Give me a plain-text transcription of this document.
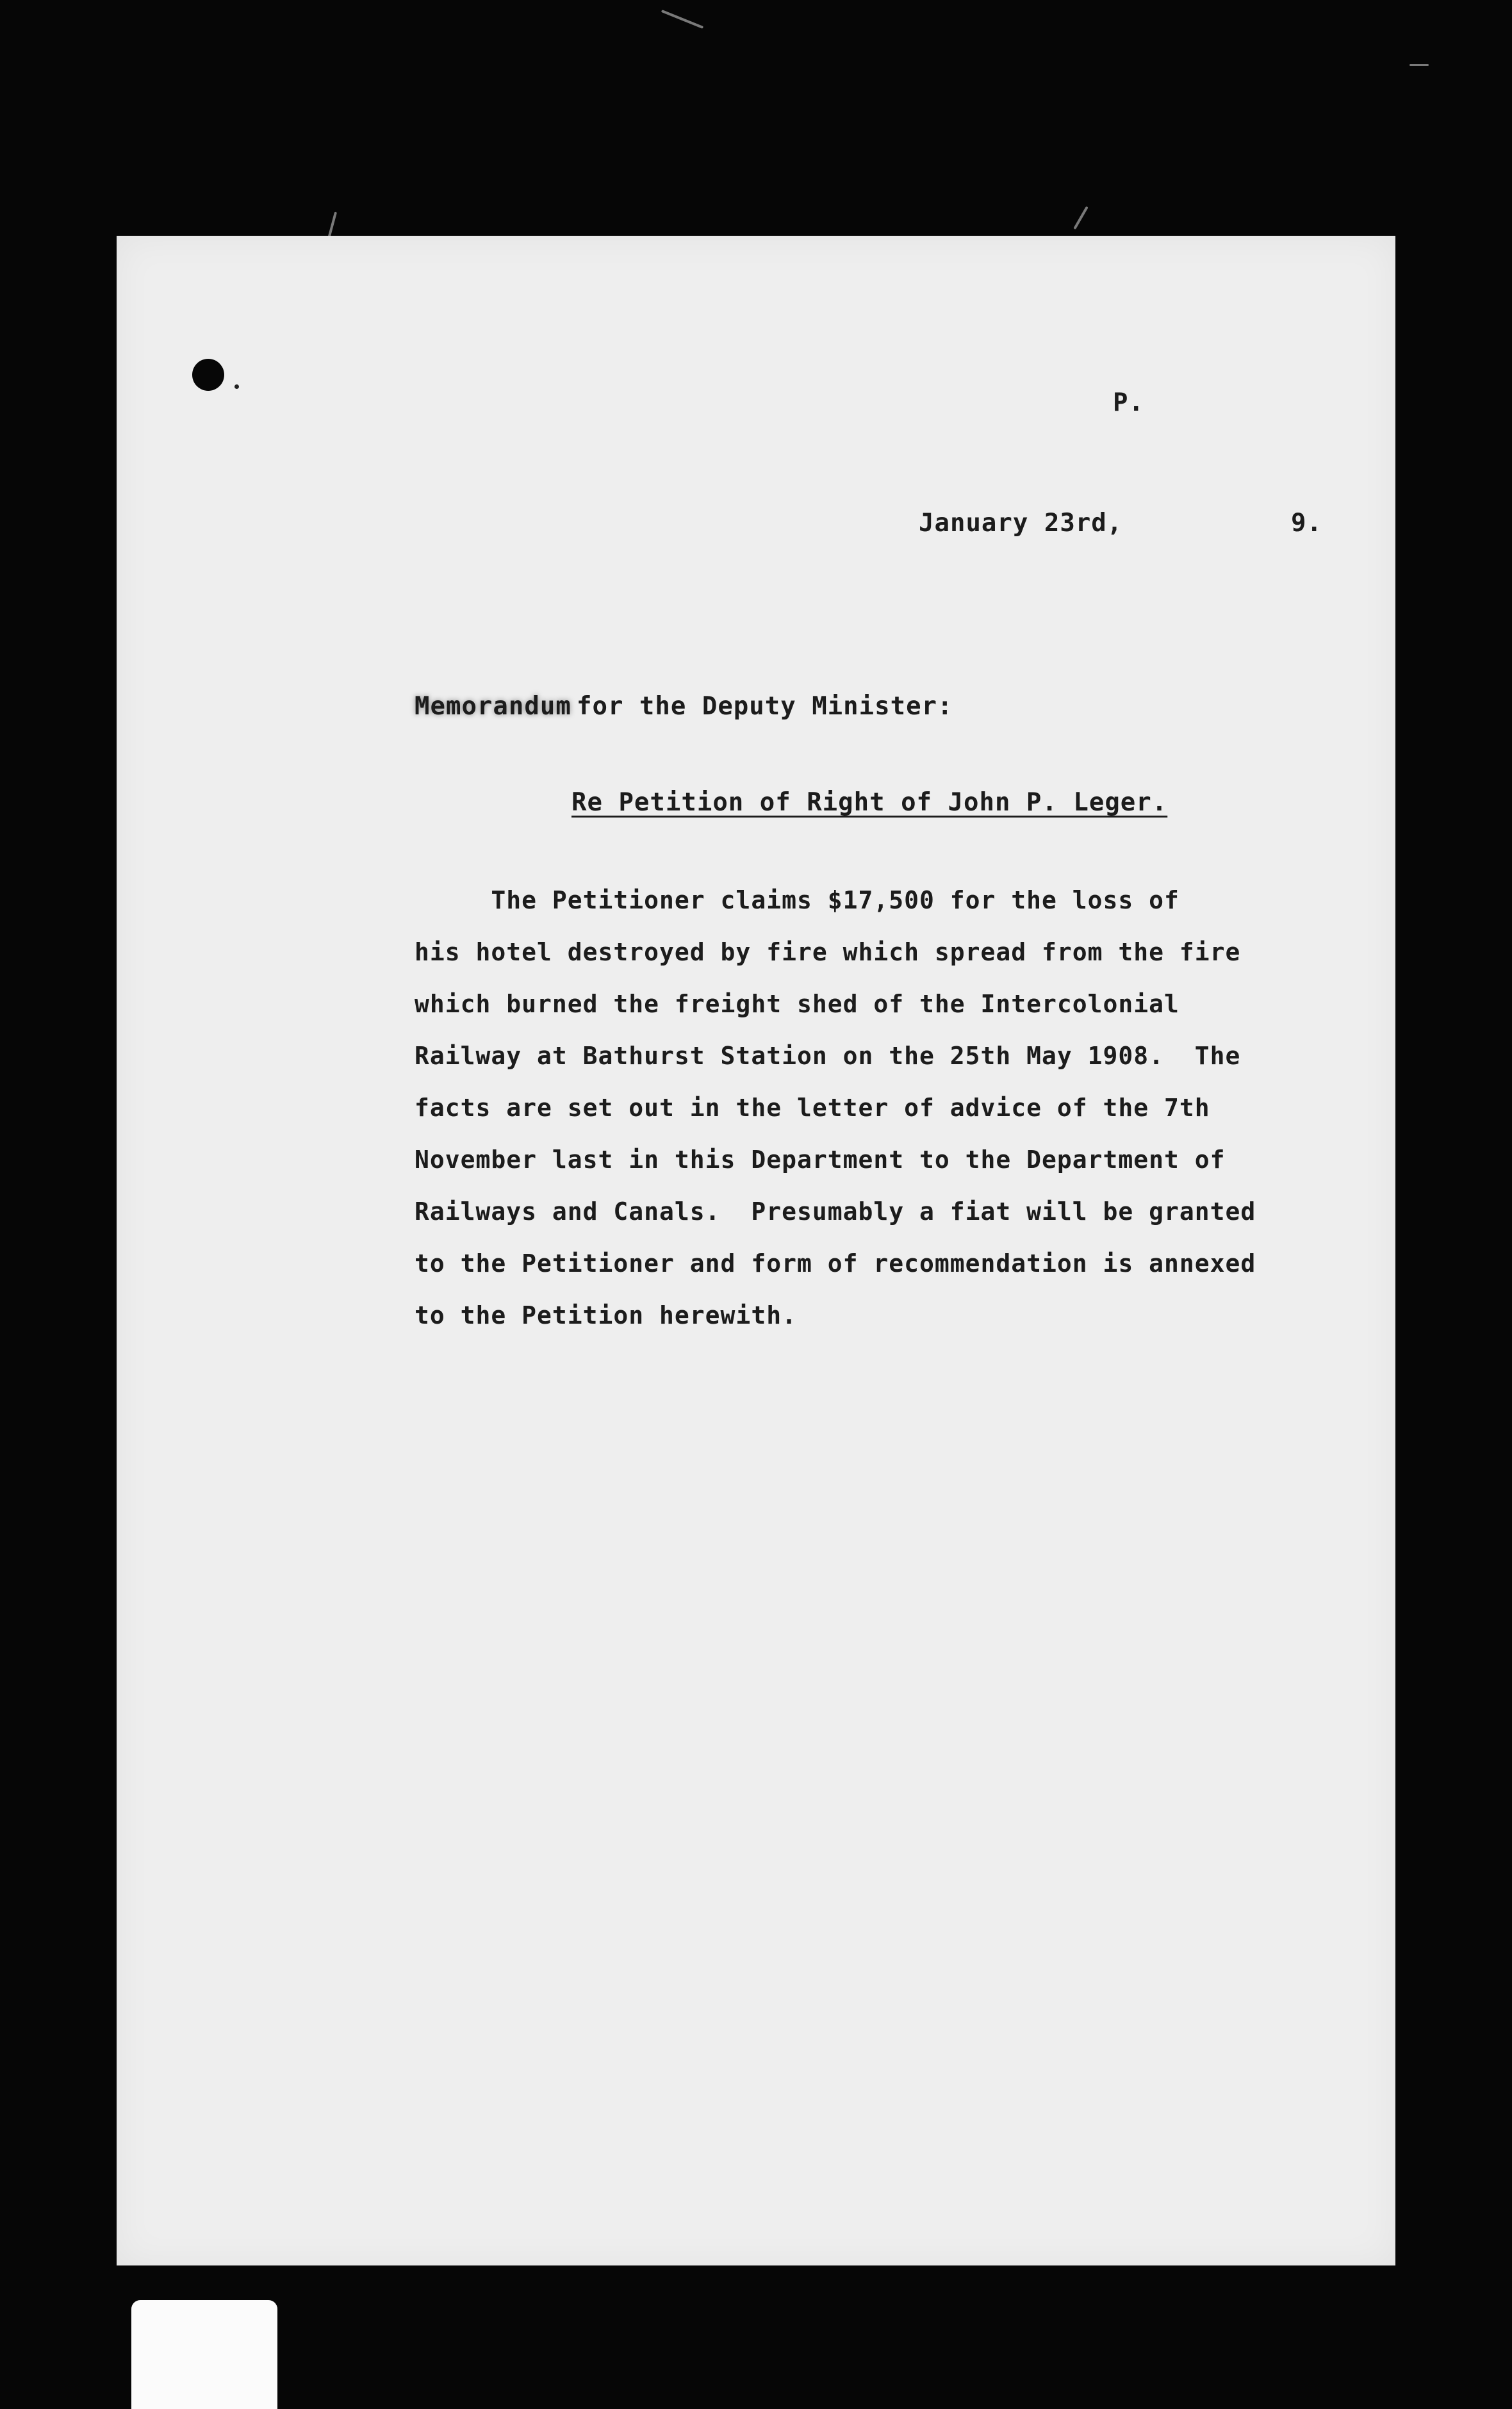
P.
January 23rd,	9.
Memorandum for the Deputy Minister:
Re Petition of Right of John P. Leger.
The Petitioner claims $17,500 for the loss of
his hotel destroyed by fire which spread from the fire
which burned the freight shed of the Intercolonial
Railway at Bathurst Station on the 25th May 1908.  The
facts are set out in the letter of advice of the 7th
November last in this Department to the Department of
Railways and Canals.  Presumably a fiat will be granted
to the Petitioner and form of recommendation is annexed
to the Petition herewith.
